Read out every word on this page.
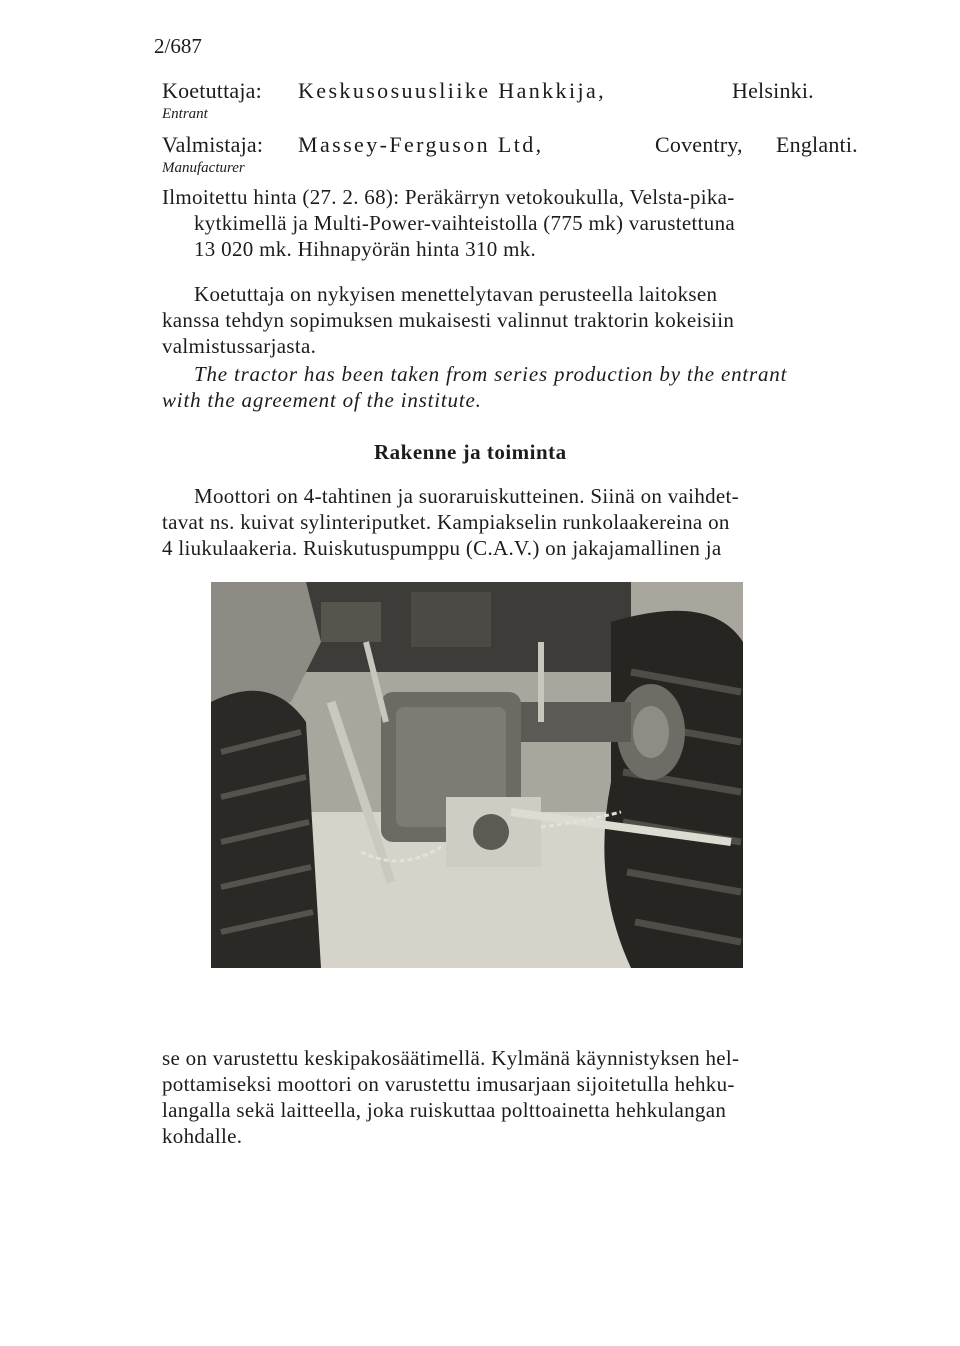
2/687
Koetuttaja: Keskusosuusliike Hankkija,	Helsinki.
Entrant
Valmistaja: Massey-Ferguson Ltd,	Coventry, Englanti.
Manufacturer
Ilmoitettu hinta (27. 2. 68): Peräkärryn vetokoukulla, Velsta-pika-
kytkimellä ja Multi-Power-vaihteistolla (775 mk) varustettuna
13 020 mk. Hihnapyörän hinta 310 mk.
Koetuttaja on nykyisen menettelytavan perusteella laitoksen
kanssa tehdyn sopimuksen mukaisesti valinnut traktorin kokeisiin
valmistussarjasta.
The tractor has been taken from series production by the entrant
with the agreement of the institute.
Rakenne ja toiminta
Moottori on 4-tahtinen ja suoraruiskutteinen. Siinä on vaihdet-
tavat ns. kuivat sylinteriputket. Kampiakselin runkolaakereina on
4 liukulaakeria. Ruiskutuspumppu (C.A.V.) on jakajamallinen ja
se on varustettu keskipakosäätimellä. Kylmänä käynnistyksen hel-
pottamiseksi moottori on varustettu imusarjaan sijoitetulla hehku-
langalla sekä laitteella, joka ruiskuttaa polttoainetta hehkulangan
kohdalle.
